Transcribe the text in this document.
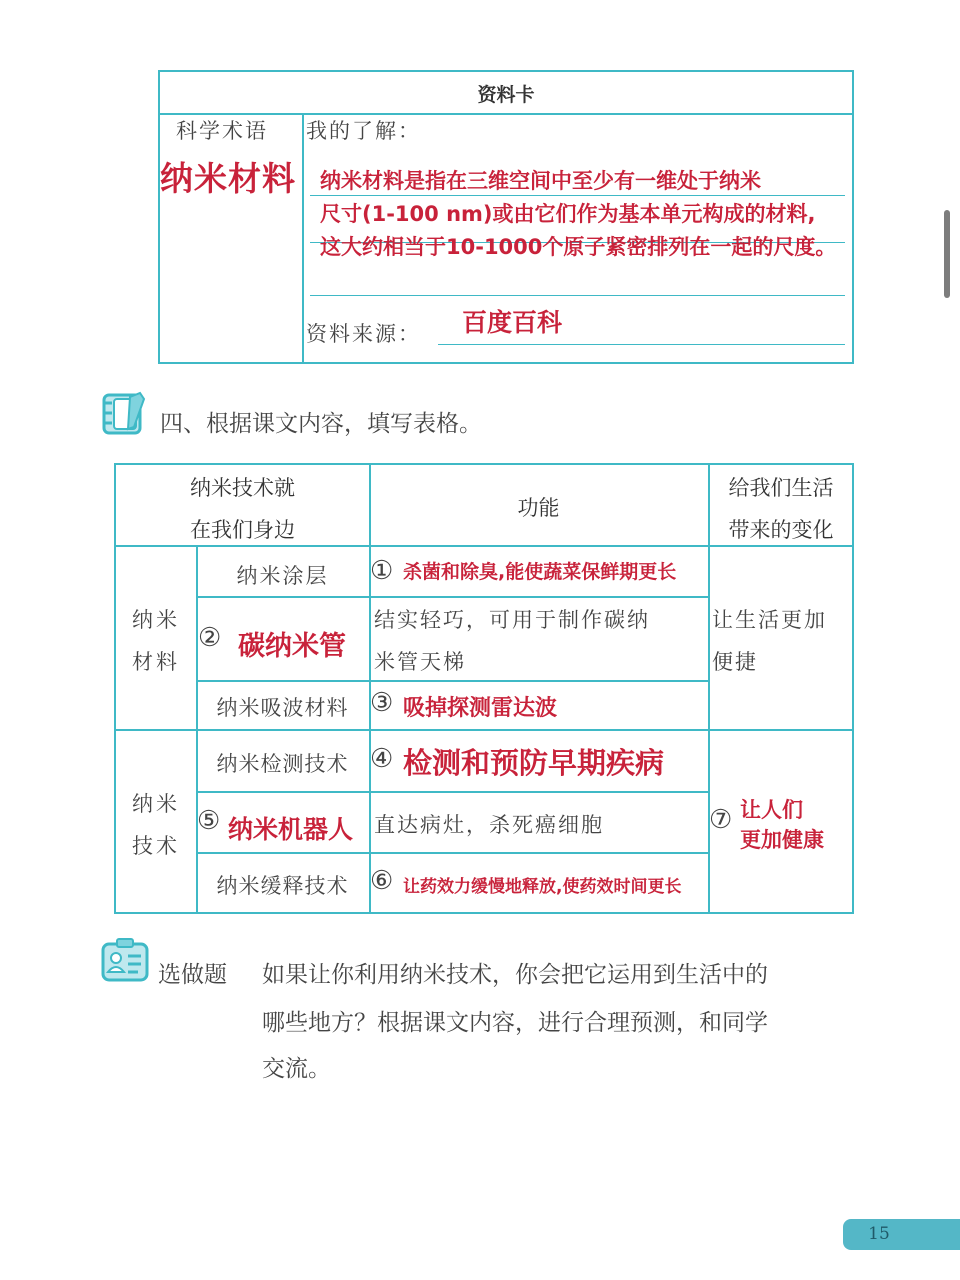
资料卡
科学术语 我的了解：
纳米材料 纳米材料是指在三维空间中至少有一维处于纳米
尺寸(1-100 nm)或由它们作为基本单元构成的材料,
这大约相当于10-1000个原子紧密排列在一起的尺度。
资料来源： 百度百科
四、根据课文内容，填写表格。
纳米技术就
在我们身边
功能
给我们生活
带来的变化
纳米
材料
纳米涂层	① 杀菌和除臭,能使蔬菜保鲜期更长
② 碳纳米管
结实轻巧，可用于制作碳纳
米管天梯
纳米吸波材料 ③ 吸掉探测雷达波
让生活更加
便捷
纳米
技术
纳米检测技术 ④ 检测和预防早期疾病
⑤ 纳米机器人 直达病灶，杀死癌细胞
纳米缓释技术 ⑥ 让药效力缓慢地释放,使药效时间更长
⑦ 让人们
更加健康
选做题 如果让你利用纳米技术，你会把它运用到生活中的
哪些地方？根据课文内容，进行合理预测，和同学
交流。
15
